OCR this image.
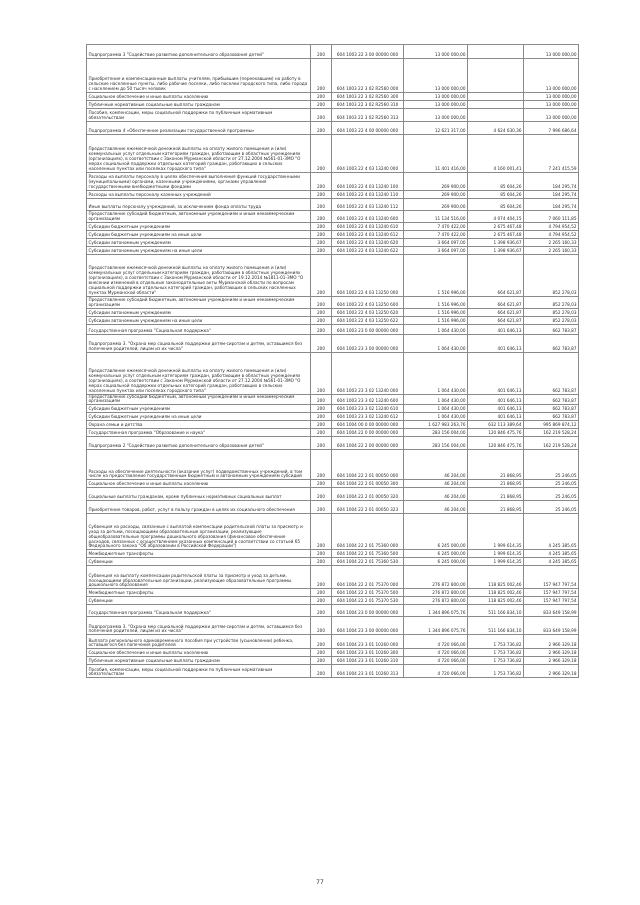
Подпрограмма 3 "Содействие развитию дополнительного образования детей"	200	604 1003 22 3 00 00000 000	13 000 000,00		13 000 000,00
Приобретение и компенсационные выплаты учителям, прибывшим (переехавшим) на работу в сельские населенные пункты, либо рабочие поселки, либо поселки городского типа, либо города с населением до 50 тысяч человек	200	604 1003 22 3 02 R2560 000	13 000 000,00		13 000 000,00
Социальное обеспечение и иные выплаты населению	200	604 1003 22 3 02 R2560 300	13 000 000,00		13 000 000,00
Публичные нормативные социальные выплаты гражданам	200	604 1003 22 3 02 R2560 310	13 000 000,00		13 000 000,00
Пособия, компенсации, меры социальной поддержки по публичным нормативным обязательствам	200	604 1003 22 3 02 R2560 313	13 000 000,00		13 000 000,00
Подпрограмма 4 «Обеспечение реализации государственной программы»	200	604 1003 22 4 00 00000 000	12 621 317,00	4 624 630,36	7 996 686,64
Предоставление ежемесячной денежной выплаты на оплату жилого помещения и (или) коммунальных услуг отдельным категориям граждан, работающим в областных учреждениях (организациях), в соответствии с Законом Мурманской области от 27.12.2004 №561-01-ЗМО "О мерах социальной поддержки отдельных категорий граждан, работающих в сельских населенных пунктах или поселках городского типа"	200	604 1003 22 4 03 13240 000	11 401 416,00	4 160 001,41	7 241 415,59
Расходы на выплаты персоналу в целях обеспечения выполнения функций государственными (муниципальными) органами, казенными учреждениями, органами управления государственными внебюджетными фондами	200	604 1003 22 4 03 13240 100	269 900,00	85 604,26	184 295,74
Расходы на выплаты персоналу казенных учреждений	200	604 1003 22 4 03 13240 110	269 900,00	85 604,26	184 295,74
Иные выплаты персоналу учреждений, за исключением фонда оплаты труда	200	604 1003 22 4 03 13240 112	269 900,00	85 604,26	184 295,74
Предоставление субсидий бюджетным, автономным учреждениям и иным некоммерческим организациям	200	604 1003 22 4 03 13240 600	11 134 516,00	4 074 404,15	7 060 111,85
Субсидии бюджетным учреждениям	200	604 1003 22 4 03 13240 610	7 470 422,00	2 675 467,48	4 794 954,52
Субсидии бюджетным учреждениям на иные цели	200	604 1003 22 4 03 13240 612	7 470 422,00	2 675 467,48	4 794 954,52
Субсидии автономным учреждениям	200	604 1003 22 4 03 13240 620	3 664 097,00	1 398 936,67	2 265 160,33
Субсидии автономным учреждениям на иные цели	200	604 1003 22 4 03 13240 622	3 664 097,00	1 398 936,67	2 265 160,33
Предоставление ежемесячной денежной выплаты на оплату жилого помещения и (или) коммунальных услуг отдельным категориям граждан, работающим в областных учреждениях (организациях), в соответствии с Законом Мурманской области от 19.12.2014 №1811-01-ЗМО "О внесении изменений в отдельные законодательные акты Мурманской области по вопросам социальной поддержки отдельных категорий граждан, работающих в сельских населенных пунктах Мурманской области"	200	604 1003 22 4 03 13250 000	1 516 996,00	664 621,87	852 278,03
Предоставление субсидий бюджетным, автономным учреждениям и иным некоммерческим организациям	200	604 1003 22 4 03 13250 600	1 516 996,00	664 621,87	852 278,03
Субсидии автономным учреждениям	200	604 1003 22 4 03 13250 620	1 516 996,00	664 621,87	852 278,03
Субсидии автономным учреждениям на иные цели	200	604 1003 22 4 03 13250 622	1 516 996,00	664 621,87	852 278,03
Государственная программа "Социальная поддержка"	200	604 1003 23 0 00 00000 000	1 064 430,00	401 646,13	662 783,87
Подпрограмма 3. "Охрана мер социальной поддержки детям-сиротам и детям, оставшимся без попечения родителей, лицам из их числа"	200	604 1003 23 3 00 00000 000	1 064 430,00	401 646,13	662 783,87
Предоставление ежемесячной денежной выплаты на оплату жилого помещения и (или) коммунальных услуг отдельным категориям граждан, работающим в областных учреждениях (организациях), в соответствии с Законом Мурманской области от 27.12.2004 №561-01-ЗМО "О мерах социальной поддержки отдельных категорий граждан, работающих в сельских населенных пунктах или поселках городского типа"	200	604 1003 23 3 02 13240 000	1 064 430,00	401 646,13	662 783,87
Предоставление субсидий бюджетным, автономным учреждениям и иным некоммерческим организациям	200	604 1003 23 3 02 13240 600	1 064 430,00	401 646,13	662 783,87
Субсидии бюджетным учреждениям	200	604 1003 23 3 02 13240 610	1 064 430,00	401 646,13	662 783,87
Субсидии бюджетным учреждениям на иные цели	200	604 1003 23 3 02 13240 612	1 064 430,00	401 646,13	662 783,87
Охрана семьи и детства	200	604 1004 00 0 00 00000 000	1 627 983 263,76	632 113 389,64	995 869 874,12
Государственная программа "Образование и наука"	200	604 1004 22 0 00 00000 000	283 156 004,00	120 846 475,76	162 219 528,24
Подпрограмма 2 "Содействие развитию дополнительного образования детей"	200	604 1004 22 2 00 00000 000	283 156 004,00	120 846 475,76	162 219 528,24
Расходы на обеспечение деятельности (оказание услуг) подведомственных учреждений, в том числе на предоставление государственным бюджетным и автономным учреждениям субсидий	200	604 1004 22 2 01 00050 000	46 204,00	21 868,95	25 246,05
Социальное обеспечение и иные выплаты населению	200	604 1004 22 2 01 00050 300	46 204,00	21 868,95	25 246,05
Социальные выплаты гражданам, кроме публичных нормативных социальных выплат	200	604 1004 22 2 01 00050 320	46 204,00	21 868,95	25 246,05
Приобретение товаров, работ, услуг в пользу граждан в целях их социального обеспечения	200	604 1004 22 2 01 00050 323	46 204,00	21 868,95	25 246,05
Субвенция на расходы, связанные с выплатой компенсации родительской платы за присмотр и уход за детьми, посещающими образовательные организации, реализующие общеобразовательные программы дошкольного образования (финансовое обеспечение расходов, связанных с осуществлением указанных компенсаций в соответствии со статьей 65 Федерального закона "Об образовании в Российской Федерации")	200	604 1004 22 2 01 75360 000	6 245 000,00	1 999 614,35	4 245 385,65
Межбюджетные трансферты	200	604 1004 22 2 01 75360 500	6 245 000,00	1 999 614,35	4 245 385,65
Субвенции	200	604 1004 22 2 01 75360 530	6 245 000,00	1 999 614,35	4 245 385,65
Субвенция на выплату компенсации родительской платы за присмотр и уход за детьми, посещающими образовательные организации, реализующие образовательные программы дошкольного образования	200	604 1004 22 2 01 75370 000	276 872 800,00	118 825 002,46	157 947 797,54
Межбюджетные трансферты	200	604 1004 22 2 01 75370 500	276 872 800,00	118 825 002,46	157 947 797,54
Субвенции	200	604 1004 22 2 01 75370 530	276 872 800,00	118 825 002,46	157 947 797,54
Государственная программа "Социальная поддержка"	200	604 1004 23 0 00 00000 000	1 344 896 075,76	511 166 834,10	833 649 158,99
Подпрограмма 3. "Охрана мер социальной поддержки детям-сиротам и детям, оставшимся без попечения родителей, лицам из их числа"	200	604 1004 23 3 00 00000 000	1 344 896 075,76	511 166 834,10	833 649 158,99
Выплата регионального единовременного пособия при устройстве (усыновлении) ребенка, оставшегося без попечения родителей	200	604 1004 23 3 01 10260 000	4 720 066,00	1 753 736,82	2 966 329,18
Социальное обеспечение и иные выплаты населению	200	604 1004 23 3 01 10260 300	4 720 066,00	1 753 736,82	2 966 329,18
Публичные нормативные социальные выплаты гражданам	200	604 1004 23 3 01 10260 310	4 720 066,00	1 753 736,82	2 966 329,18
Пособия, компенсации, меры социальной поддержки по публичным нормативным обязательствам	200	604 1004 23 3 01 10260 313	4 720 066,00	1 753 736,82	2 966 329,18
77
